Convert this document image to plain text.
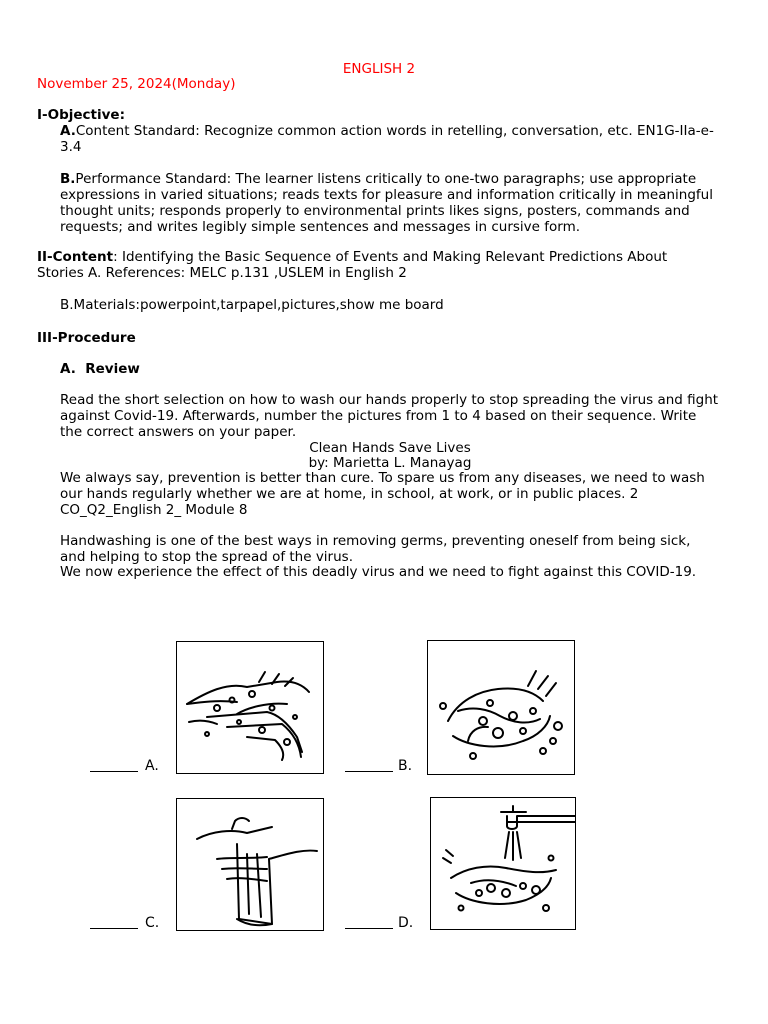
ENGLISH 2

November 25, 2024(Monday)

I-Objective:

A.Content Standard: Recognize common action words in retelling, conversation, etc. EN1G-IIa-e-3.4

B.Performance Standard: The learner listens critically to one-two paragraphs; use appropriate expressions in varied situations; reads texts for pleasure and information critically in meaningful thought units; responds properly to environmental prints likes signs, posters, commands and requests; and writes legibly simple sentences and messages in cursive form.

II-Content: Identifying the Basic Sequence of Events and Making Relevant Predictions About Stories A. References: MELC p.131 ,USLEM in English 2

B.Materials:powerpoint,tarpapel,pictures,show me board

III-Procedure

A. Review

Read the short selection on how to wash our hands properly to stop spreading the virus and fight against Covid-19. Afterwards, number the pictures from 1 to 4 based on their sequence. Write the correct answers on your paper.

Clean Hands Save Lives

by: Marietta L. Manayag

We always say, prevention is better than cure. To spare us from any diseases, we need to wash our hands regularly whether we are at home, in school, at work, or in public places. 2 CO_Q2_English 2_ Module 8

Handwashing is one of the best ways in removing germs, preventing oneself from being sick, and helping to stop the spread of the virus.

We now experience the effect of this deadly virus and we need to fight against this COVID-19.

A.	B.
C.	D.
